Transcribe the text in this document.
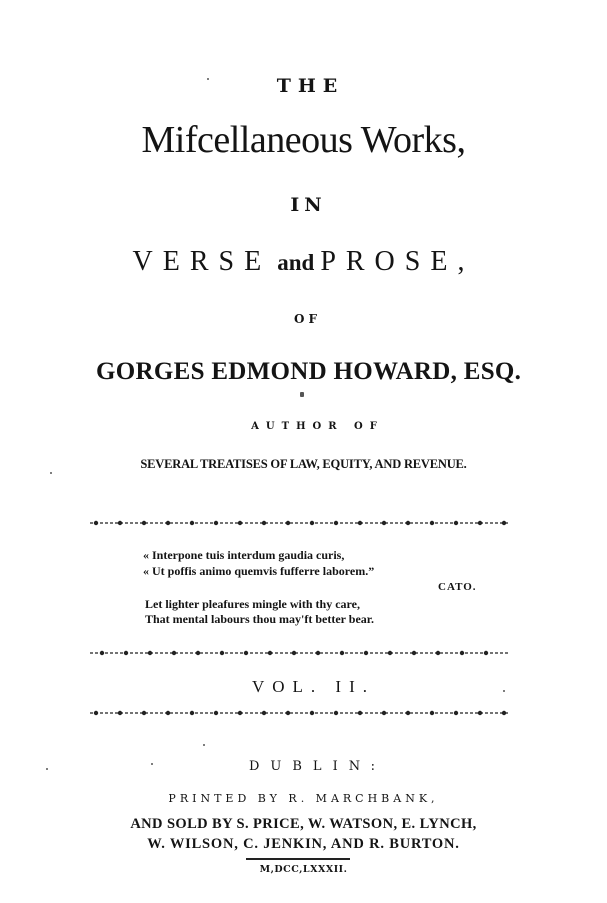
THE
Mifcellaneous Works,
IN
VERSE and PROSE,
OF
GORGES EDMOND HOWARD, ESQ.
AUTHOR OF
SEVERAL TREATISES OF LAW, EQUITY, AND REVENUE.
« Interpone tuis interdum gaudia curis,
« Ut poffis animo quemvis fufferre laborem.”
CATO.
Let lighter pleafures mingle with thy care,
That mental labours thou may'ft better bear.
VOL. II.
DUBLIN:
PRINTED BY R. MARCHBANK,
AND SOLD BY S. PRICE, W. WATSON, E. LYNCH,
W. WILSON, C. JENKIN, AND R. BURTON.
M,DCC,LXXXII.
